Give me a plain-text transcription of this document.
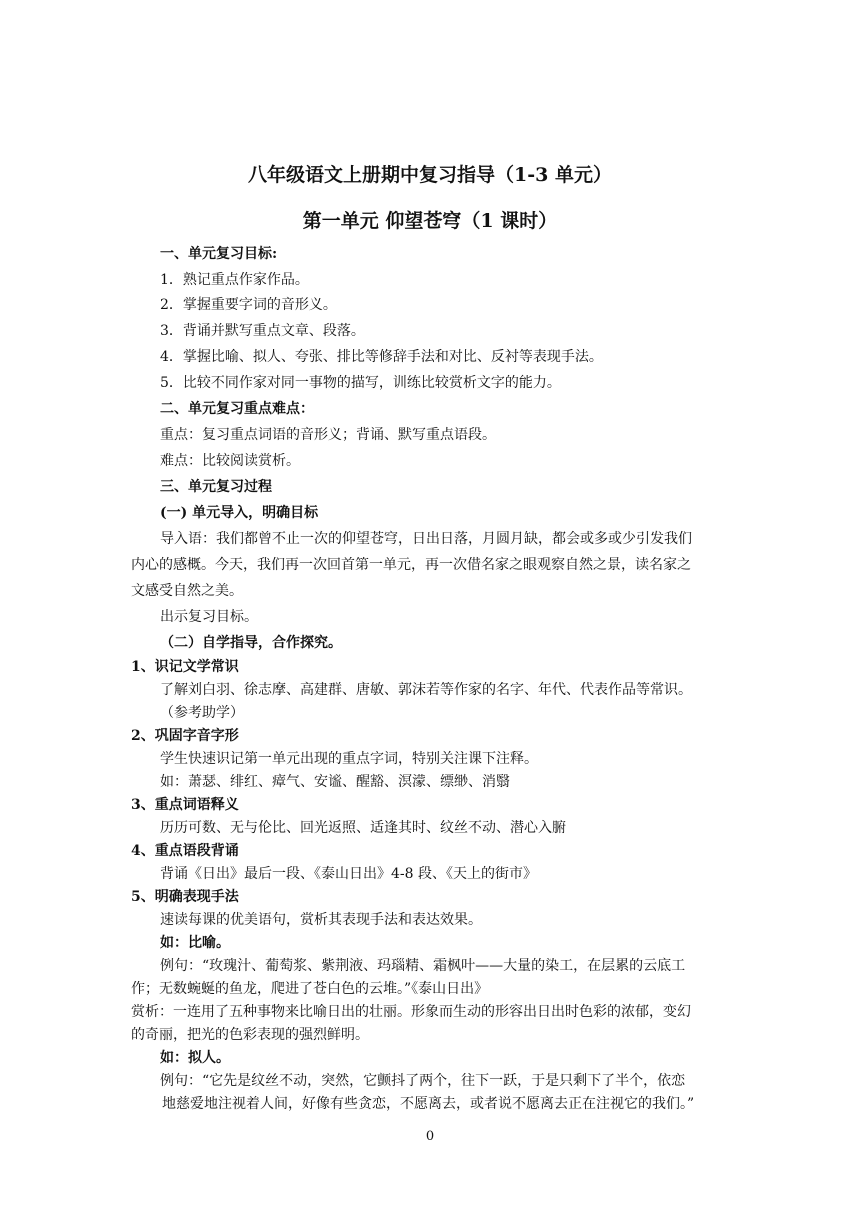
八年级语文上册期中复习指导（1-3 单元）
第一单元 仰望苍穹（1 课时）
一、单元复习目标:
1．熟记重点作家作品。
2．掌握重要字词的音形义。
3．背诵并默写重点文章、段落。
4．掌握比喻、拟人、夸张、排比等修辞手法和对比、反衬等表现手法。
5．比较不同作家对同一事物的描写，训练比较赏析文字的能力。
二、单元复习重点难点：
重点：复习重点词语的音形义；背诵、默写重点语段。
难点：比较阅读赏析。
三、单元复习过程
(一) 单元导入，明确目标
导入语：我们都曾不止一次的仰望苍穹，日出日落，月圆月缺，都会或多或少引发我们
内心的感概。今天，我们再一次回首第一单元，再一次借名家之眼观察自然之景，读名家之
文感受自然之美。
出示复习目标。
（二）自学指导，合作探究。
1、识记文学常识
了解刘白羽、徐志摩、高建群、唐敏、郭沫若等作家的名字、年代、代表作品等常识。
（参考助学）
2、巩固字音字形
学生快速识记第一单元出现的重点字词，特别关注课下注释。
如：萧瑟、绯红、瘴气、安谧、醒豁、溟濛、缥缈、消翳
3、重点词语释义
历历可数、无与伦比、回光返照、适逢其时、纹丝不动、潜心入腑
4、重点语段背诵
背诵《日出》最后一段、《泰山日出》4-8 段、《天上的街市》
5、明确表现手法
速读每课的优美语句，赏析其表现手法和表达效果。
如：比喻。
例句：“玫瑰汁、葡萄浆、紫荆液、玛瑙精、霜枫叶——大量的染工，在层累的云底工
作；无数蜿蜒的鱼龙，爬进了苍白色的云堆。”《泰山日出》
赏析：一连用了五种事物来比喻日出的壮丽。形象而生动的形容出日出时色彩的浓郁，变幻
的奇丽，把光的色彩表现的强烈鲜明。
如：拟人。
例句：“它先是纹丝不动，突然，它颤抖了两个，往下一跃，于是只剩下了半个，依恋
地慈爱地注视着人间，好像有些贪恋，不愿离去，或者说不愿离去正在注视它的我们。”
0
